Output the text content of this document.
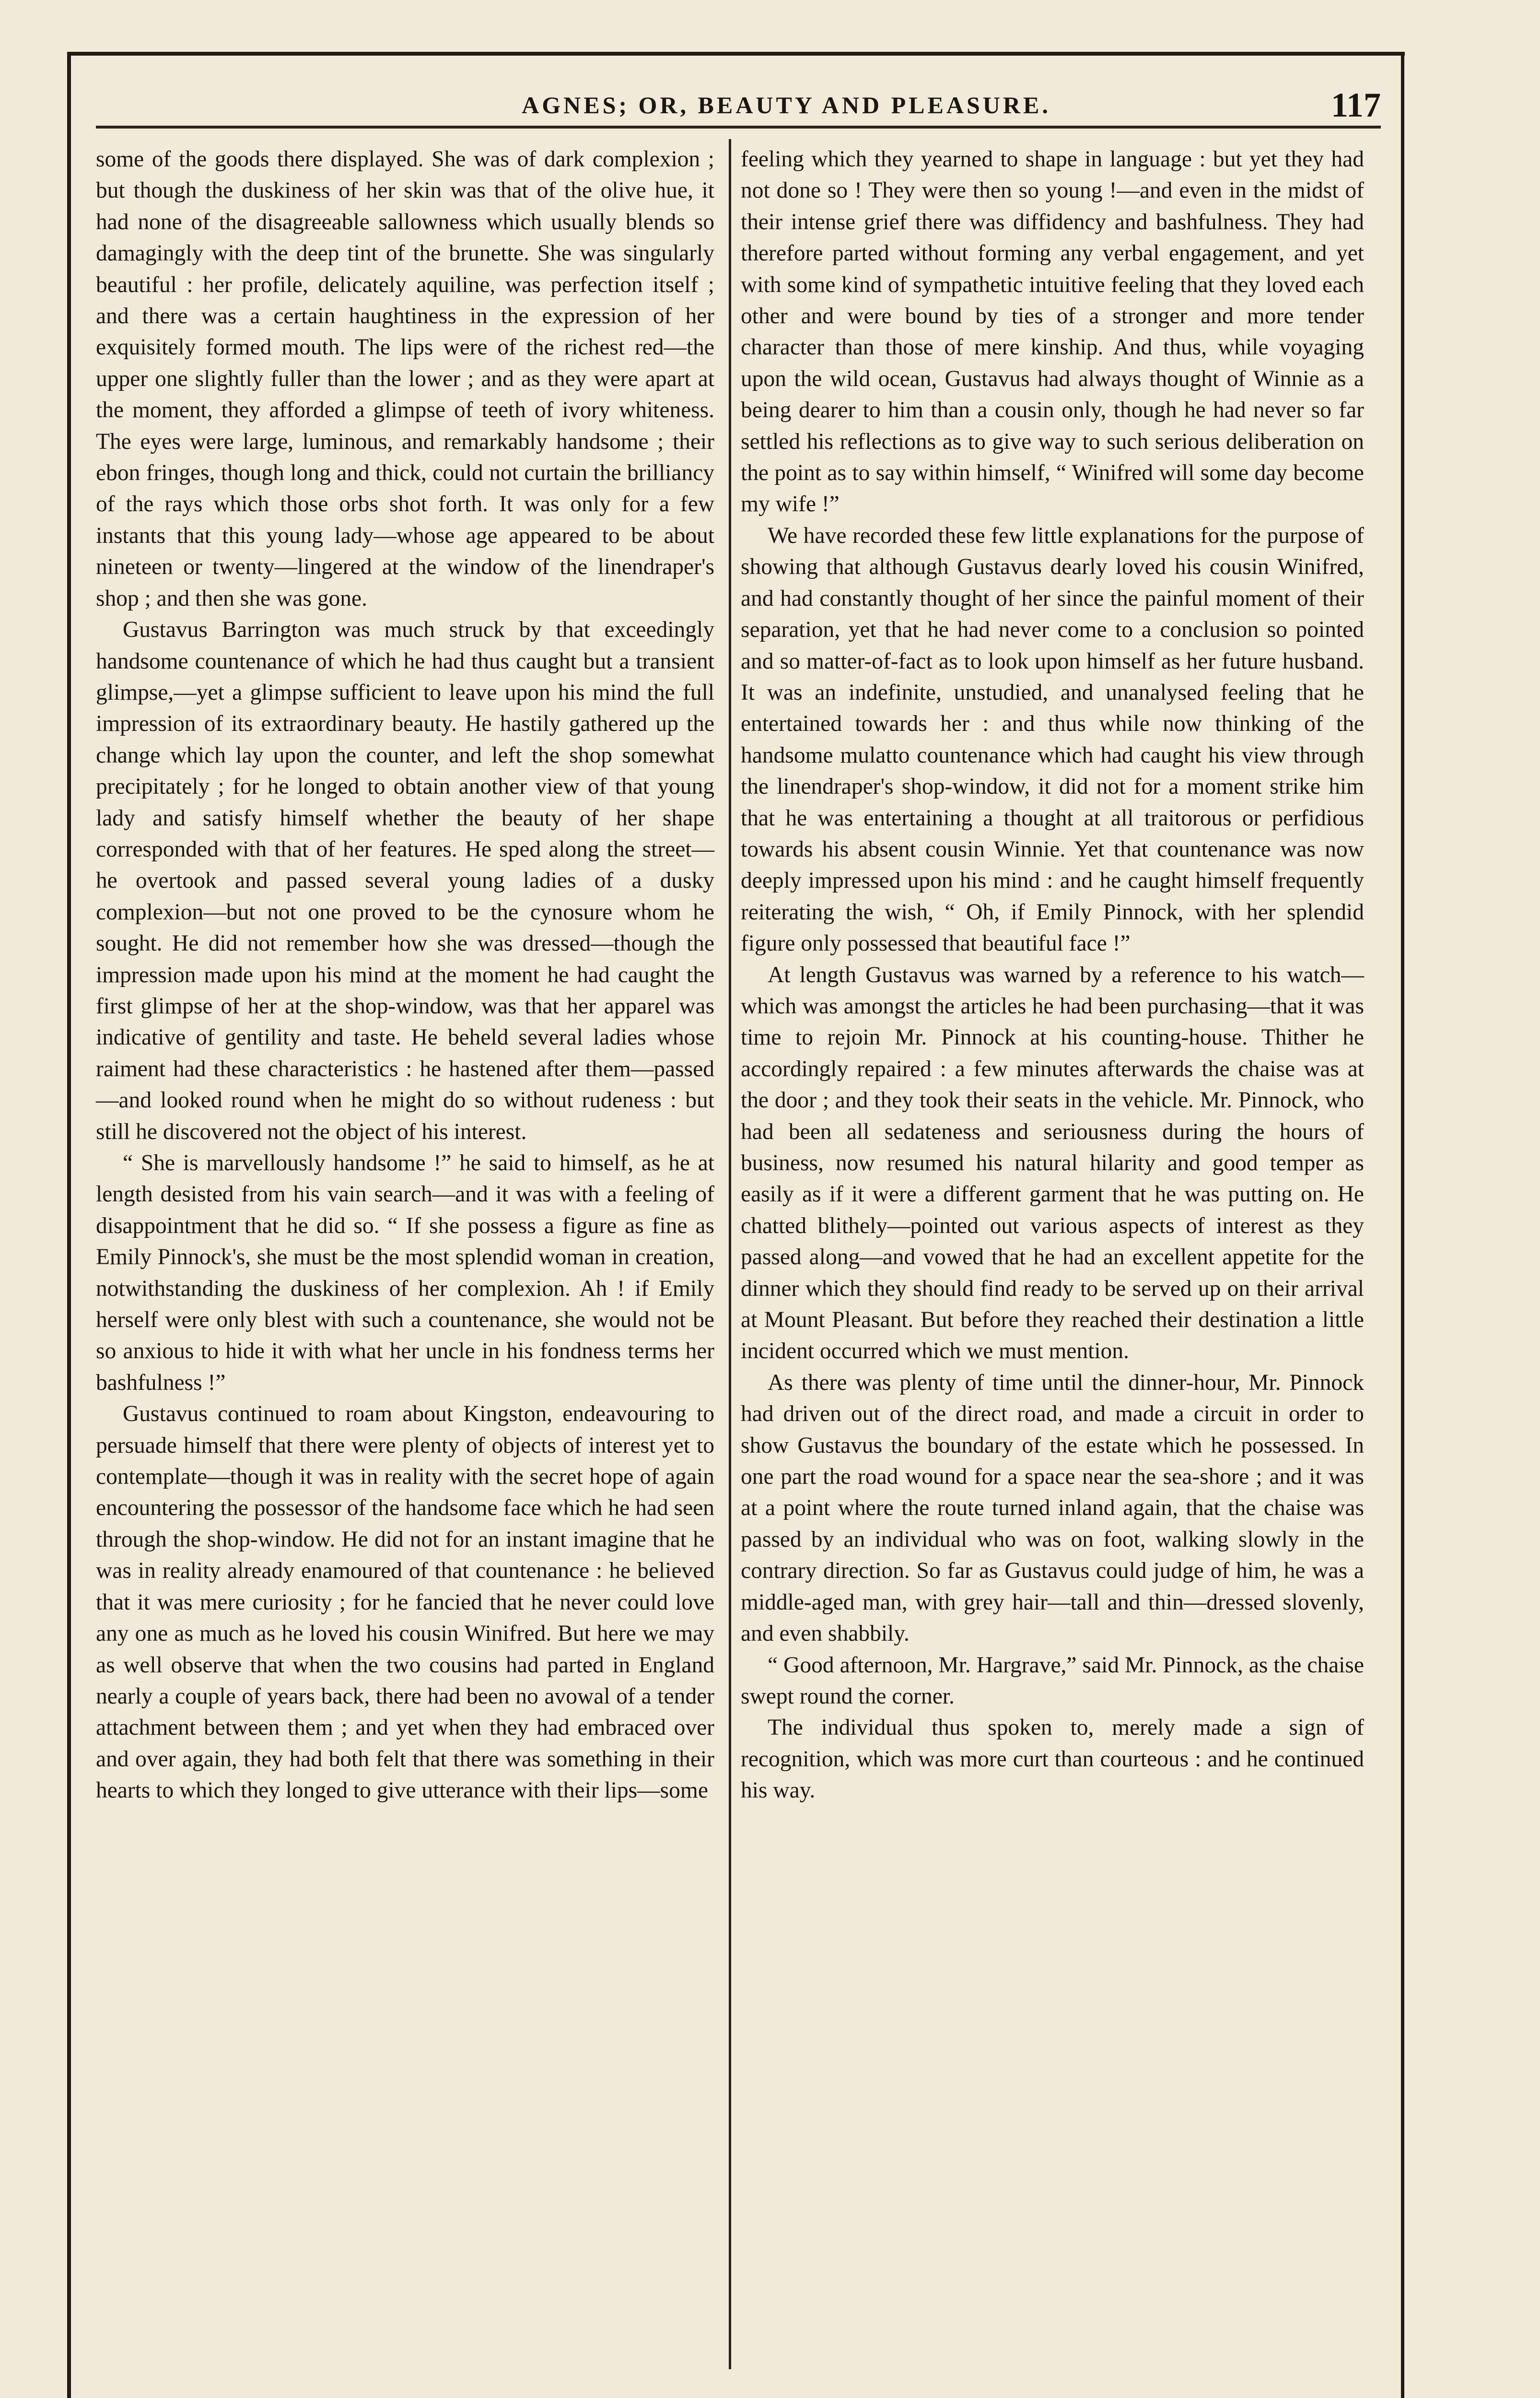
AGNES; OR, BEAUTY AND PLEASURE.	117

some of the goods there displayed. She was of dark complexion ; but though the duskiness of her skin was that of the olive hue, it had none of the disagreeable sallowness which usually blends so damagingly with the deep tint of the brunette. She was singularly beautiful : her profile, delicately aquiline, was perfection itself ; and there was a certain haughtiness in the expression of her exquisitely formed mouth. The lips were of the richest red—the upper one slightly fuller than the lower ; and as they were apart at the moment, they afforded a glimpse of teeth of ivory whiteness. The eyes were large, luminous, and remarkably handsome ; their ebon fringes, though long and thick, could not curtain the brilliancy of the rays which those orbs shot forth. It was only for a few instants that this young lady—whose age appeared to be about nineteen or twenty—lingered at the window of the linendraper's shop ; and then she was gone.

Gustavus Barrington was much struck by that exceedingly handsome countenance of which he had thus caught but a transient glimpse,—yet a glimpse sufficient to leave upon his mind the full impression of its extraordinary beauty. He hastily gathered up the change which lay upon the counter, and left the shop somewhat precipitately ; for he longed to obtain another view of that young lady and satisfy himself whether the beauty of her shape corresponded with that of her features. He sped along the street—he overtook and passed several young ladies of a dusky complexion—but not one proved to be the cynosure whom he sought. He did not remember how she was dressed—though the impression made upon his mind at the moment he had caught the first glimpse of her at the shop-window, was that her apparel was indicative of gentility and taste. He beheld several ladies whose raiment had these characteristics : he hastened after them—passed—and looked round when he might do so without rudeness : but still he discovered not the object of his interest.

“ She is marvellously handsome !” he said to himself, as he at length desisted from his vain search—and it was with a feeling of disappointment that he did so. “ If she possess a figure as fine as Emily Pinnock's, she must be the most splendid woman in creation, notwithstanding the duskiness of her complexion. Ah ! if Emily herself were only blest with such a countenance, she would not be so anxious to hide it with what her uncle in his fondness terms her bashfulness !”

Gustavus continued to roam about Kingston, endeavouring to persuade himself that there were plenty of objects of interest yet to contemplate—though it was in reality with the secret hope of again encountering the possessor of the handsome face which he had seen through the shop-window. He did not for an instant imagine that he was in reality already enamoured of that countenance : he believed that it was mere curiosity ; for he fancied that he never could love any one as much as he loved his cousin Winifred. But here we may as well observe that when the two cousins had parted in England nearly a couple of years back, there had been no avowal of a tender attachment between them ; and yet when they had embraced over and over again, they had both felt that there was something in their hearts to which they longed to give utterance with their lips—some

feeling which they yearned to shape in language : but yet they had not done so ! They were then so young !—and even in the midst of their intense grief there was diffidency and bashfulness. They had therefore parted without forming any verbal engagement, and yet with some kind of sympathetic intuitive feeling that they loved each other and were bound by ties of a stronger and more tender character than those of mere kinship. And thus, while voyaging upon the wild ocean, Gustavus had always thought of Winnie as a being dearer to him than a cousin only, though he had never so far settled his reflections as to give way to such serious deliberation on the point as to say within himself, “ Winifred will some day become my wife !”

We have recorded these few little explanations for the purpose of showing that although Gustavus dearly loved his cousin Winifred, and had constantly thought of her since the painful moment of their separation, yet that he had never come to a conclusion so pointed and so matter-of-fact as to look upon himself as her future husband. It was an indefinite, unstudied, and unanalysed feeling that he entertained towards her : and thus while now thinking of the handsome mulatto countenance which had caught his view through the linendraper's shop-window, it did not for a moment strike him that he was entertaining a thought at all traitorous or perfidious towards his absent cousin Winnie. Yet that countenance was now deeply impressed upon his mind : and he caught himself frequently reiterating the wish, “ Oh, if Emily Pinnock, with her splendid figure only possessed that beautiful face !”

At length Gustavus was warned by a reference to his watch—which was amongst the articles he had been purchasing—that it was time to rejoin Mr. Pinnock at his counting-house. Thither he accordingly repaired : a few minutes afterwards the chaise was at the door ; and they took their seats in the vehicle. Mr. Pinnock, who had been all sedateness and seriousness during the hours of business, now resumed his natural hilarity and good temper as easily as if it were a different garment that he was putting on. He chatted blithely—pointed out various aspects of interest as they passed along—and vowed that he had an excellent appetite for the dinner which they should find ready to be served up on their arrival at Mount Pleasant. But before they reached their destination a little incident occurred which we must mention.

As there was plenty of time until the dinner-hour, Mr. Pinnock had driven out of the direct road, and made a circuit in order to show Gustavus the boundary of the estate which he possessed. In one part the road wound for a space near the sea-shore ; and it was at a point where the route turned inland again, that the chaise was passed by an individual who was on foot, walking slowly in the contrary direction. So far as Gustavus could judge of him, he was a middle-aged man, with grey hair—tall and thin—dressed slovenly, and even shabbily.

“ Good afternoon, Mr. Hargrave,” said Mr. Pinnock, as the chaise swept round the corner.

The individual thus spoken to, merely made a sign of recognition, which was more curt than courteous : and he continued his way.
